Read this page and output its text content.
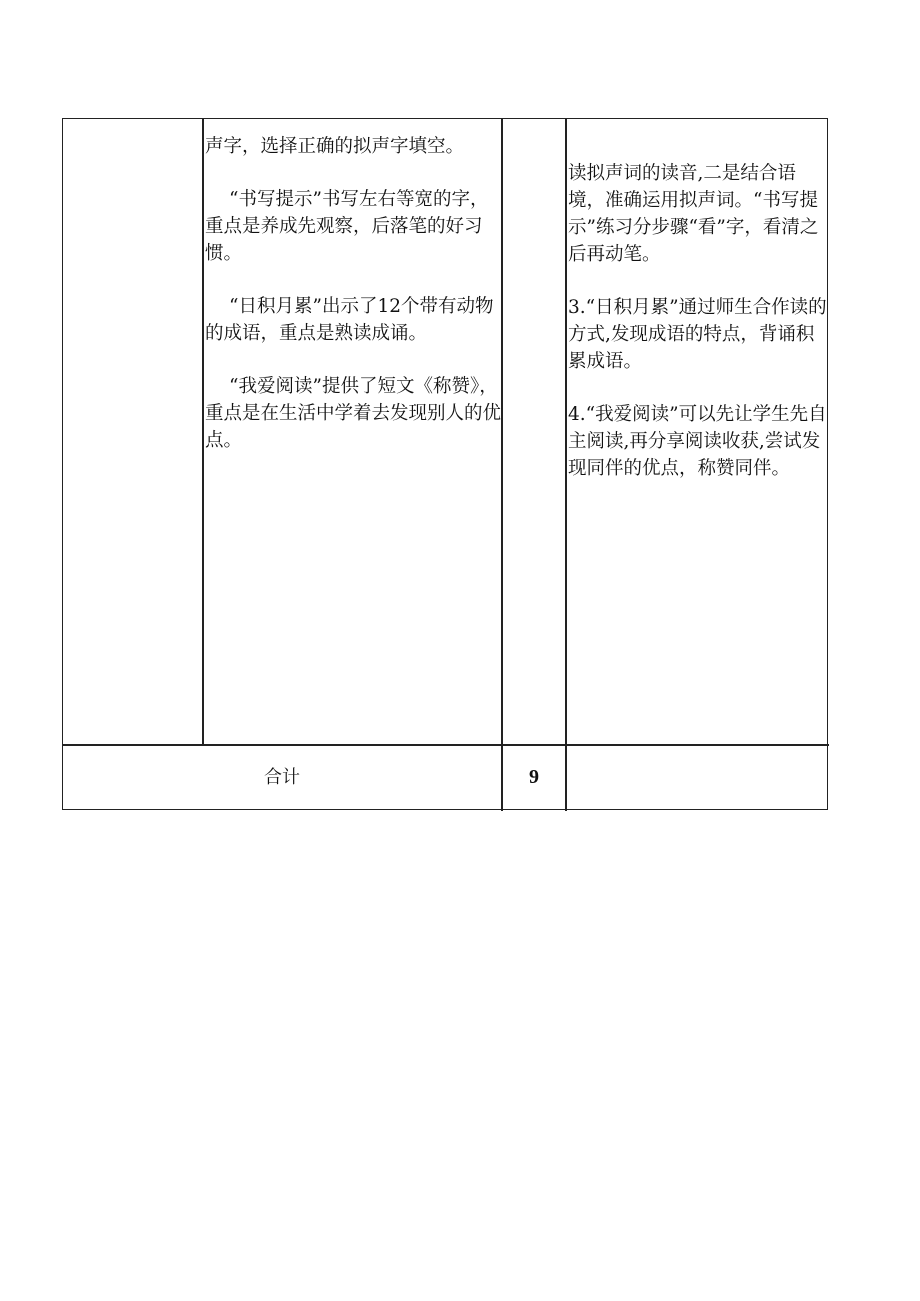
声字，选择正确的拟声字填空。

“书写提示”书写左右等宽的字，重点是养成先观察，后落笔的好习惯。

“日积月累”出示了12个带有动物的成语，重点是熟读成诵。

“我爱阅读”提供了短文《称赞》，重点是在生活中学着去发现别人的优点。

读拟声词的读音,二是结合语境，准确运用拟声词。“书写提示”练习分步骤“看”字，看清之后再动笔。

3.“日积月累”通过师生合作读的方式,发现成语的特点，背诵积累成语。

4.“我爱阅读”可以先让学生先自主阅读,再分享阅读收获,尝试发现同伴的优点，称赞同伴。

合计	9
